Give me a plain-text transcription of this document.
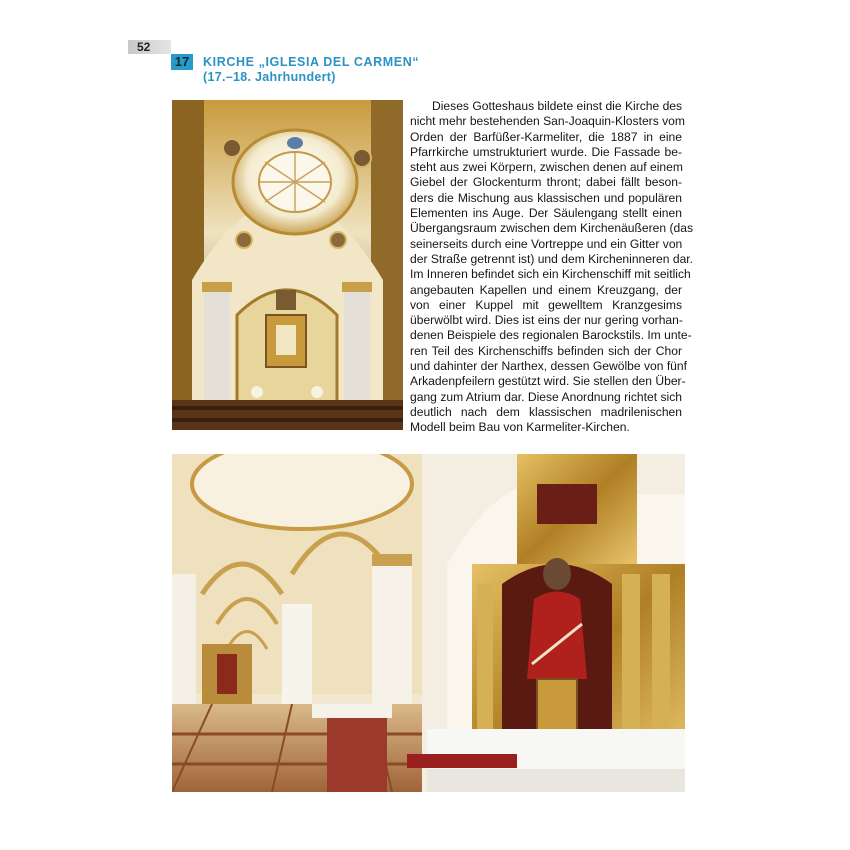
52
17	KIRCHE „IGLESIA DEL CARMEN“
(17.–18. Jahrhundert)
Dieses Gotteshaus bildete einst die Kirche des
nicht mehr bestehenden San-Joaquin-Klosters vom
Orden der Barfüßer-Karmeliter, die 1887 in eine
Pfarrkirche umstrukturiert wurde. Die Fassade be-
steht aus zwei Körpern, zwischen denen auf einem
Giebel der Glockenturm thront; dabei fällt beson-
ders die Mischung aus klassischen und populären
Elementen ins Auge. Der Säulengang stellt einen
Übergangsraum zwischen dem Kirchenäußeren (das
seinerseits durch eine Vortreppe und ein Gitter von
der Straße getrennt ist) und dem Kircheninneren dar.
Im Inneren befindet sich ein Kirchenschiff mit seitlich
angebauten Kapellen und einem Kreuzgang, der
von einer Kuppel mit gewelltem Kranzgesims
überwölbt wird. Dies ist eins der nur gering vorhan-
denen Beispiele des regionalen Barockstils. Im unte-
ren Teil des Kirchenschiffs befinden sich der Chor
und dahinter der Narthex, dessen Gewölbe von fünf
Arkadenpfeilern gestützt wird. Sie stellen den Über-
gang zum Atrium dar. Diese Anordnung richtet sich
deutlich nach dem klassischen madrilenischen
Modell beim Bau von Karmeliter-Kirchen.
